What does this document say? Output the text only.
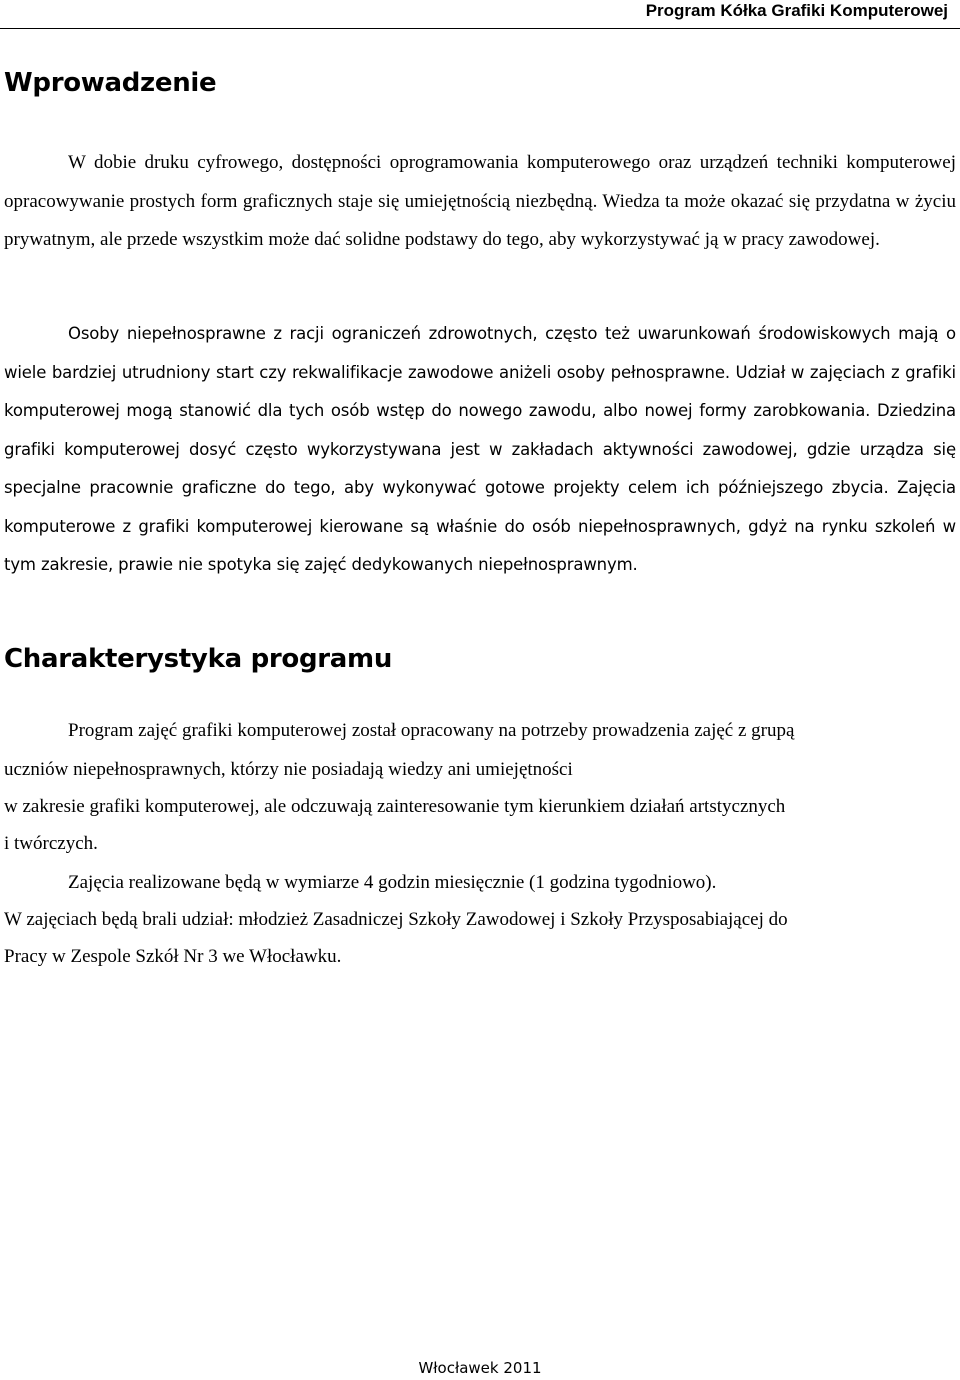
Program Kółka Grafiki Komputerowej
Wprowadzenie

W dobie druku cyfrowego, dostępności oprogramowania komputerowego oraz urządzeń techniki komputerowej opracowywanie prostych form graficznych staje się umiejętnością niezbędną. Wiedza ta może okazać się przydatna w życiu prywatnym, ale przede wszystkim może dać solidne podstawy do tego, aby wykorzystywać ją w pracy zawodowej.

Osoby niepełnosprawne z racji ograniczeń zdrowotnych, często też uwarunkowań środowiskowych mają o wiele bardziej utrudniony start czy rekwalifikacje zawodowe aniżeli osoby pełnosprawne. Udział w zajęciach z grafiki komputerowej mogą stanowić dla tych osób wstęp do nowego zawodu, albo nowej formy zarobkowania. Dziedzina grafiki komputerowej dosyć często wykorzystywana jest w zakładach aktywności zawodowej, gdzie urządza się specjalne pracownie graficzne do tego, aby wykonywać gotowe projekty celem ich późniejszego zbycia. Zajęcia komputerowe z grafiki komputerowej kierowane są właśnie do osób niepełnosprawnych, gdyż na rynku szkoleń w tym zakresie, prawie nie spotyka się zajęć dedykowanych niepełnosprawnym.

Charakterystyka programu

Program zajęć grafiki komputerowej został opracowany na potrzeby prowadzenia zajęć z grupą

uczniów niepełnosprawnych, którzy nie posiadają wiedzy ani umiejętności

w zakresie grafiki komputerowej, ale odczuwają zainteresowanie tym kierunkiem działań artstycznych

i twórczych.

Zajęcia realizowane będą w wymiarze 4 godzin miesięcznie (1 godzina tygodniowo).

W zajęciach będą brali udział: młodzież Zasadniczej Szkoły Zawodowej i Szkoły Przysposabiającej do

Pracy w Zespole Szkół Nr 3 we Włocławku.

Włocławek 2011
